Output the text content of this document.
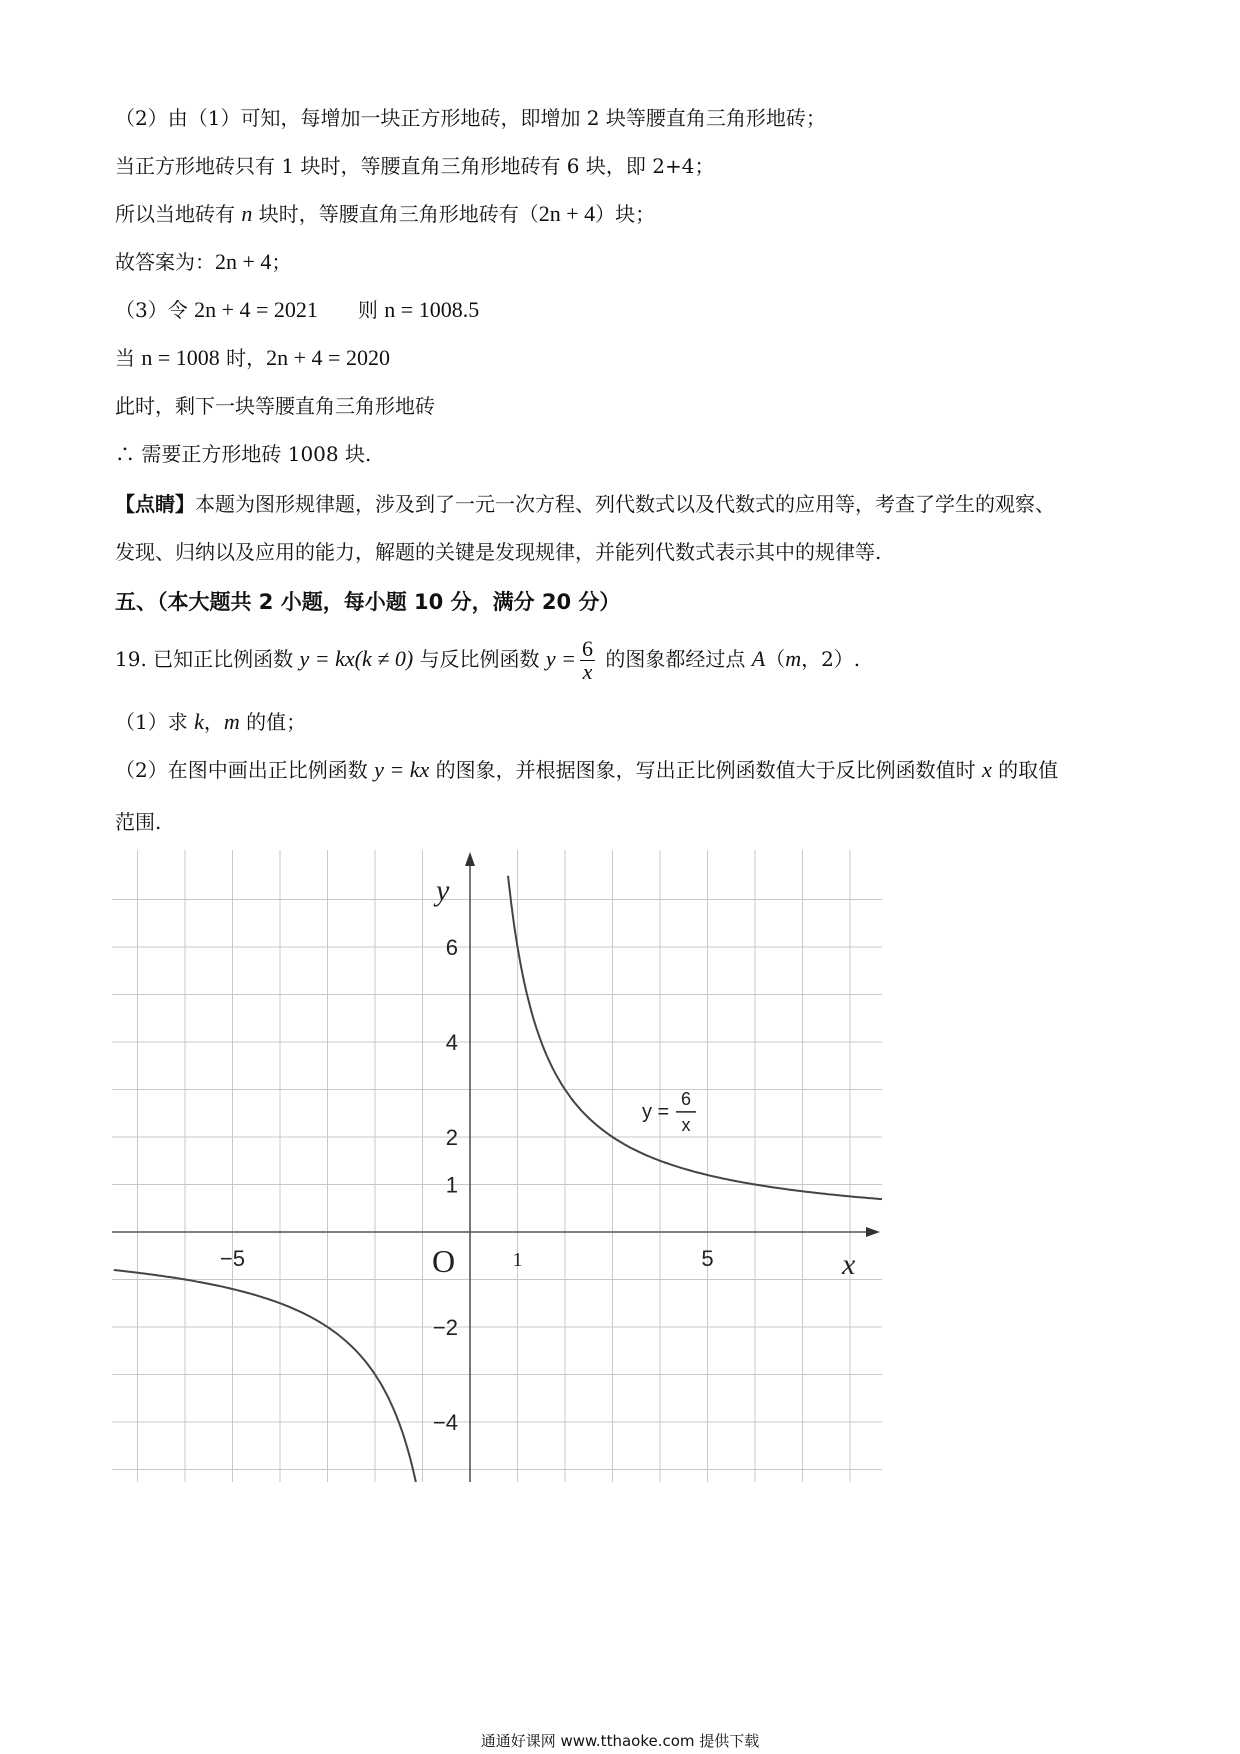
（2）由（1）可知，每增加一块正方形地砖，即增加 2 块等腰直角三角形地砖；
当正方形地砖只有 1 块时，等腰直角三角形地砖有 6 块，即 2+4；
所以当地砖有 n 块时，等腰直角三角形地砖有（2n + 4）块；
故答案为：2n + 4；
（3）令 2n + 4 = 2021 则 n = 1008.5
当 n = 1008 时，2n + 4 = 2020
此时，剩下一块等腰直角三角形地砖
∴ 需要正方形地砖 1008 块.
【点睛】本题为图形规律题，涉及到了一元一次方程、列代数式以及代数式的应用等，考查了学生的观察、
发现、归纳以及应用的能力，解题的关键是发现规律，并能列代数式表示其中的规律等.
五、（本大题共 2 小题，每小题 10 分，满分 20 分）
19. 已知正比例函数 y = kx(k ≠ 0) 与反比例函数 $y = \frac{6}{x}$ 的图象都经过点 A（m，2）.
（1）求 k，m 的值；
（2）在图中画出正比例函数 y = kx 的图象，并根据图象，写出正比例函数值大于反比例函数值时 x 的取值
范围.
−5	1	5
6
4
2
1
−2
−4
x
y
O
y =
6
x
通通好课网 www.tthaoke.com 提供下载
